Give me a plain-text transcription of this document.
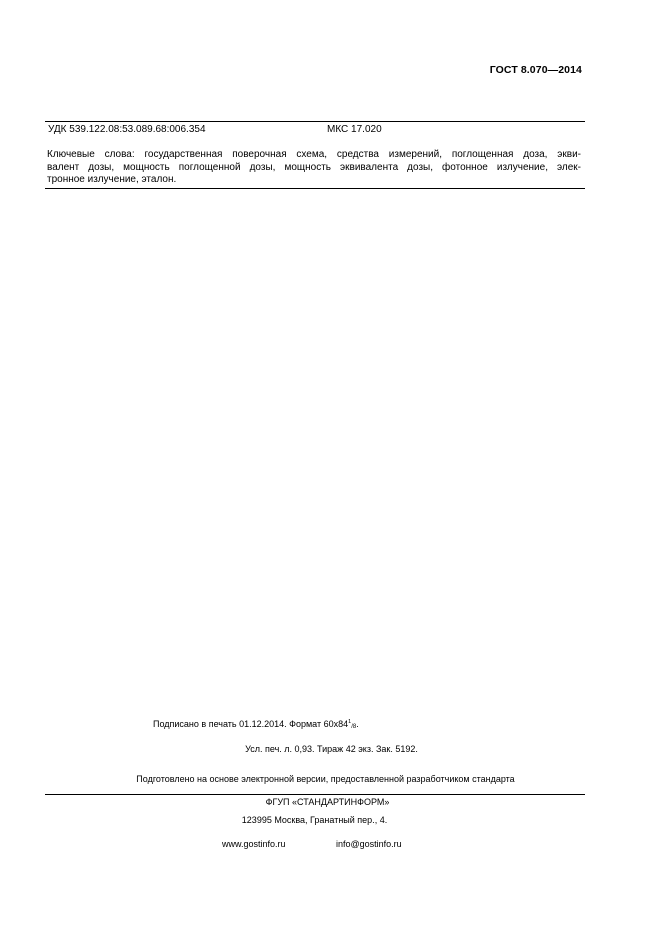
ГОСТ 8.070—2014
УДК 539.122.08:53.089.68:006.354	МКС 17.020
Ключевые слова: государственная поверочная схема, средства измерений, поглощенная доза, экви-
валент дозы, мощность поглощенной дозы, мощность эквивалента дозы, фотонное излучение, элек-
тронное излучение, эталон.
Подписано в печать 01.12.2014. Формат $60x84^1/8$.
Усл. печ. л. 0,93. Тираж 42 экз. Зак. 5192.
Подготовлено на основе электронной версии, предоставленной разработчиком стандарта
ФГУП «СТАНДАРТИНФОРМ»
123995 Москва, Гранатный пер., 4.
www.gostinfo.ru	info@gostinfo.ru
